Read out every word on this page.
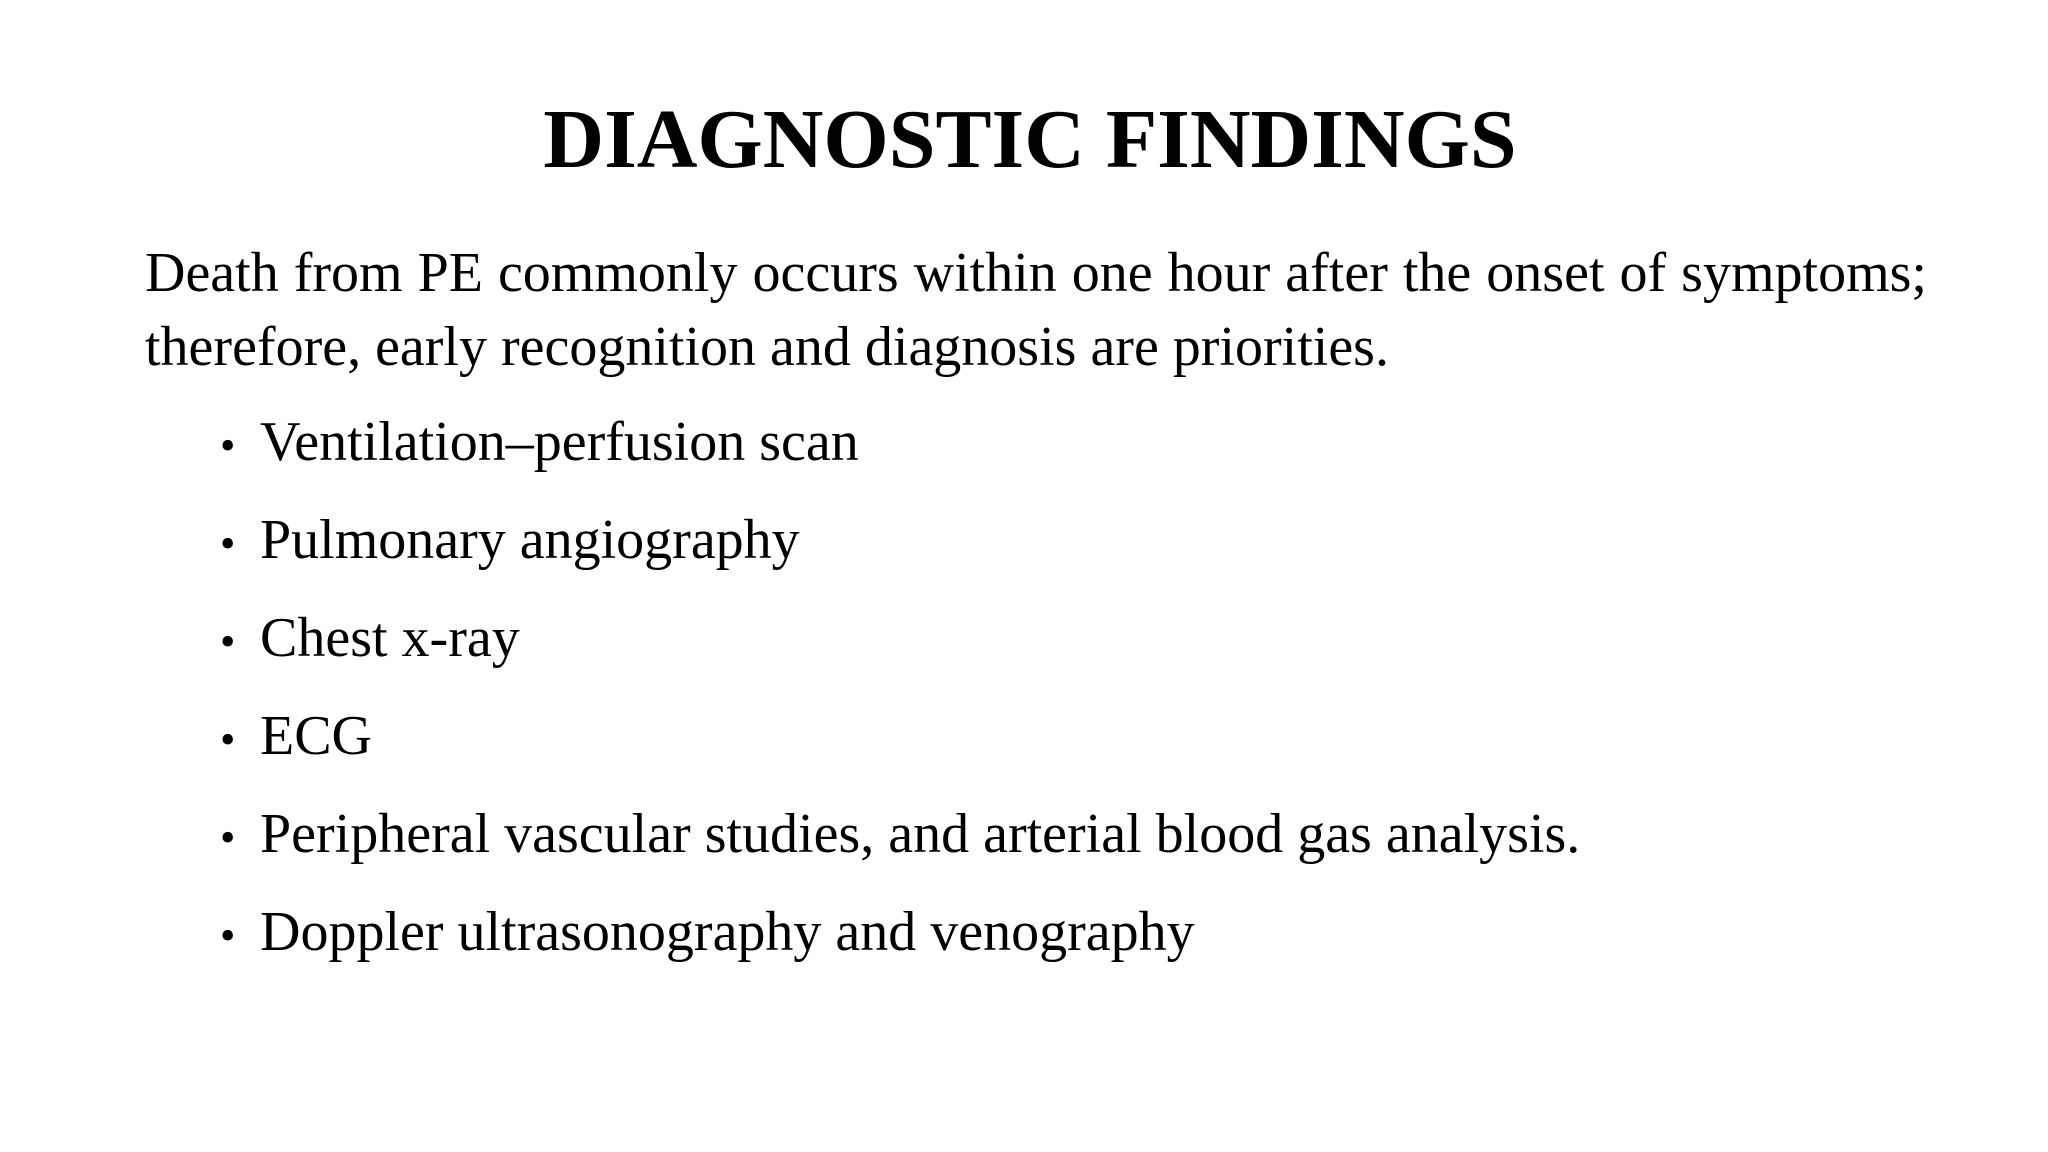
DIAGNOSTIC FINDINGS

Death from PE commonly occurs within one hour after the onset of symptoms; therefore, early recognition and diagnosis are priorities.

• Ventilation–perfusion scan
• Pulmonary angiography
• Chest x-ray
• ECG
• Peripheral vascular studies, and arterial blood gas analysis.
• Doppler ultrasonography and venography
